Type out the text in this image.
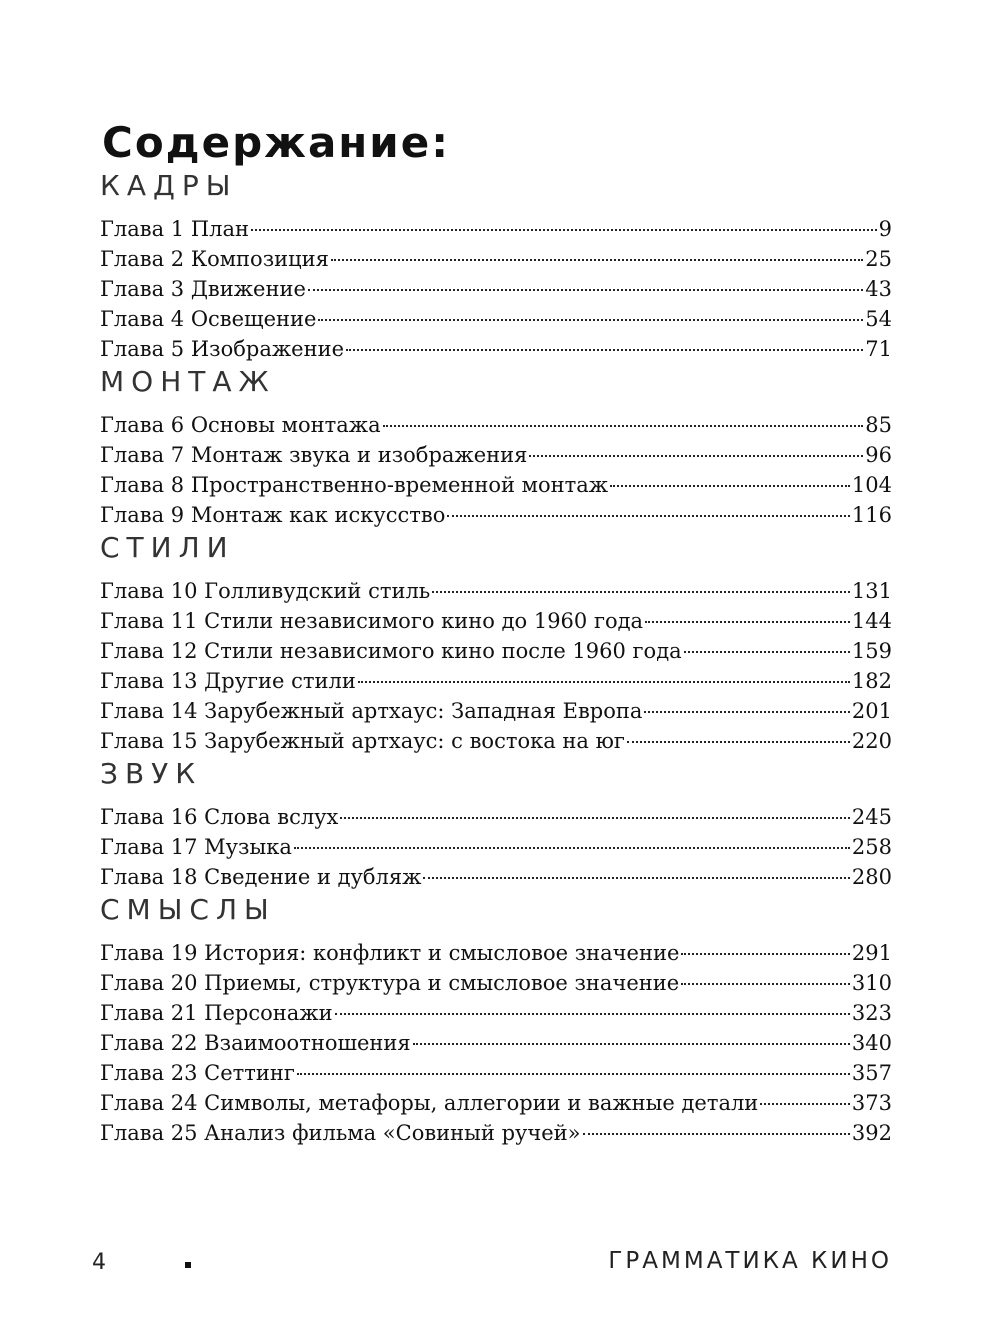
Содержание:
КАДРЫ
Глава 1 План	9
Глава 2 Композиция	25
Глава 3 Движение	43
Глава 4 Освещение	54
Глава 5 Изображение	71
МОНТАЖ
Глава 6 Основы монтажа	85
Глава 7 Монтаж звука и изображения	96
Глава 8 Пространственно-временной монтаж	104
Глава 9 Монтаж как искусство	116
СТИЛИ
Глава 10 Голливудский стиль	131
Глава 11 Стили независимого кино до 1960 года	144
Глава 12 Стили независимого кино после 1960 года	159
Глава 13 Другие стили	182
Глава 14 Зарубежный артхаус: Западная Европа	201
Глава 15 Зарубежный артхаус: с востока на юг	220
ЗВУК
Глава 16 Слова вслух	245
Глава 17 Музыка	258
Глава 18 Сведение и дубляж	280
СМЫСЛЫ
Глава 19 История: конфликт и смысловое значение	291
Глава 20 Приемы, структура и смысловое значение	310
Глава 21 Персонажи	323
Глава 22 Взаимоотношения	340
Глава 23 Сеттинг	357
Глава 24 Символы, метафоры, аллегории и важные детали	373
Глава 25 Анализ фильма «Совиный ручей»	392
4	ГРАММАТИКА КИНО
